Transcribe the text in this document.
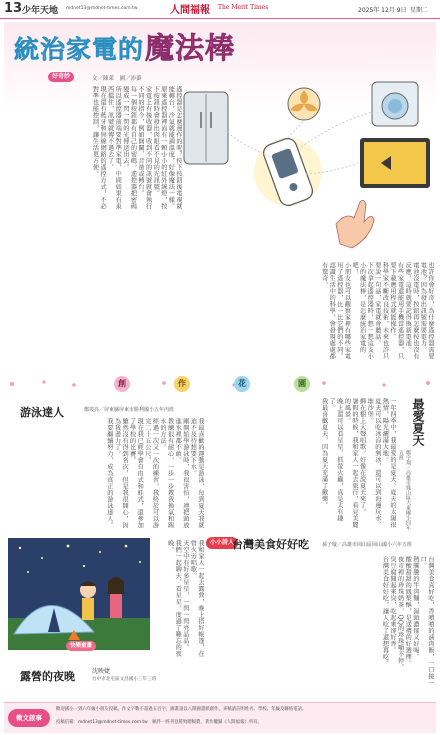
13 少年天地 mdnet13@mdnet-times.com.tw	人間福報 The Merit Times	2025年 12月 9日 星期二
統治家電的 魔法棒
好奇妙	文／陳萊　圖／沛蓁
遙控器是怎麼運作的呢？按下按鈕後電視就能轉台，冷氣就能調溫度，好像魔法一樣。
原來遙控器裡面有一顆小小的紅外線燈，按下按鈕時會發出肉眼看不見的光訊號。
家電上有接收器，收到不同的訊號就會執行不同的指令，例如開關、音量或轉台。
每一個按鈕都有自己的密碼，遙控器把密碼變成一閃一閃的光傳送出去。
所以遙控器前端要對準家電，中間如果有東西擋住，訊號就傳不過去了。
現在還有藍牙和無線網路的遙控方式，不必對準也能控制，讓生活更方便。
也許你會好奇，為什麼遙控器需要電池？因為發出訊號需要電力。
電池沒電時，按鈕再怎麼按也沒有反應，這時就要記得換新電池。
有些家電還能用手機當遙控器，只要下載應用程式就能操作。
科學家不斷改良技術，未來也許只要說一句話，家電就會聽話。
下次拿起遙控器時，想一想這支小小的魔法棒，是怎麼統治家電的吧！
小朋友也可以觀察家裡有哪些家電用了遙控器，比一比它們的不同。
認識生活中的科學，會發現處處都有驚奇。
創	作	花	園
游泳達人	鄭竣亮／屏東縣屏東市勝利國小五年丙班
我最喜歡的運動是游泳，每到夏天我就迫不及待想要下水。
剛開始學游泳時，我很害怕，連把頭放進水裡都不敢。
教練很有耐心，一步一步教我換氣和踢水的方法。
經過一次又一次的練習，我終於可以游完二十五公尺。
現在我已經學會自由式和蛙式，還參加了學校的比賽。
雖然沒有得到名次，但是我很開心，因為我盡力了。
我要繼續努力，成為真正的游泳達人。	最愛夏天
鄭宇翔／高雄市鳳山區大東國小四年五班
一年四季中，我最愛的是夏天。夏天的太陽很熱情，陽光灑滿大地。
夏天可以吃冰涼的剉冰，還可以到海邊玩水、堆沙堡。
蟬在樹上大聲唱歌，好像在說夏天來了。
暑假的時候，我和家人一起去旅行，看見美麗的風景。
晚上還可以看星星、抓螢火蟲，真是太有趣了。
我最喜歡夏天，因為夏天充滿了歡樂。
小小詩人
台灣美食好好吃	孫子璇／高雄市岡山區岡山國小六年五班
台灣美食真好吃，香噴噴的滷肉飯，一口接一口。
熱騰騰的牛肉麵，湯頭濃郁又好喝。
酸酸甜甜的鳳梨酥，是送禮的好選擇。
夜市裡的珍珠奶茶，QQ的珍珠嚼不停。
臭豆腐聞起來臭，吃起來卻好香。
台灣美食好好吃，讓人吃了還想再吃。
快樂童畫
露營的夜晚	沈映婕
台中市北屯區文昌國小三年三班
我和家人一起去露營，晚上搭好帳篷，在營火旁唱歌。
天空中有好多星星，一閃一閃亮晶晶。
我們一起聊天、看星星，度過了難忘的夜晚。
徵文啟事
歡迎國小一到六年級小朋友投稿，作文字數不超過五百字，圖畫請以八開圖畫紙創作，來稿請註明姓名、學校、年級及聯絡電話。
投稿信箱：mdnet13@mdnet-times.com.tw　稿件一經刊登將致贈稿費，著作權歸《人間福報》所有。
